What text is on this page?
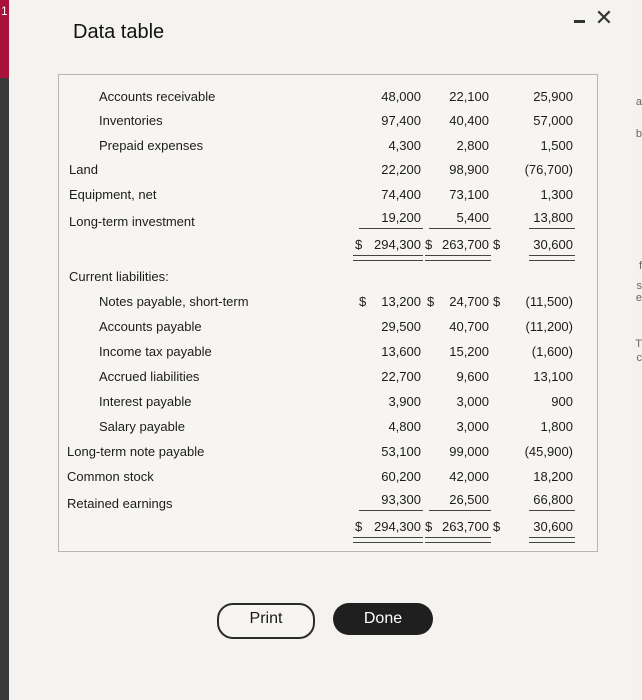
1
a
b
f
s
e
T
c
Data table
✕
Accounts receivable	48,000	22,100	25,900
Inventories	97,400	40,400	57,000
Prepaid expenses	4,300	2,800	1,500
Land	22,200	98,900	(76,700)
Equipment, net	74,400	73,100	1,300
Long-term investment	19,200	5,400	13,800
$ 294,300 $ 263,700 $	30,600
Current liabilities:
Notes payable, short-term	$	13,200 $	24,700 $	(11,500)
Accounts payable	29,500	40,700	(11,200)
Income tax payable	13,600	15,200	(1,600)
Accrued liabilities	22,700	9,600	13,100
Interest payable	3,900	3,000	900
Salary payable	4,800	3,000	1,800
Long-term note payable	53,100	99,000	(45,900)
Common stock	60,200	42,000	18,200
Retained earnings	93,300	26,500	66,800
$ 294,300 $ 263,700 $	30,600
Print	Done
